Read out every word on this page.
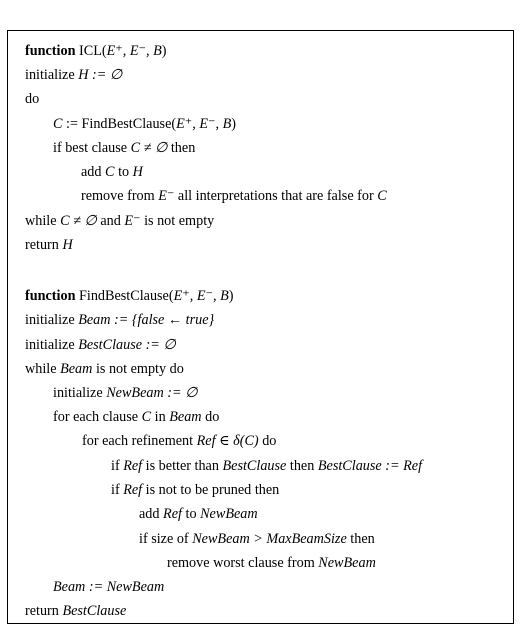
function ICL(E⁺, E⁻, B)
initialize H := ∅
do
C := FindBestClause(E⁺, E⁻, B)
if best clause C ≠ ∅ then
add C to H
remove from E⁻ all interpretations that are false for C
while C ≠ ∅ and E⁻ is not empty
return H
function FindBestClause(E⁺, E⁻, B)
initialize Beam := {false ← true}
initialize BestClause := ∅
while Beam is not empty do
initialize NewBeam := ∅
for each clause C in Beam do
for each refinement Ref ∈ δ(C) do
if Ref is better than BestClause then BestClause := Ref
if Ref is not to be pruned then
add Ref to NewBeam
if size of NewBeam > MaxBeamSize then
remove worst clause from NewBeam
Beam := NewBeam
return BestClause
